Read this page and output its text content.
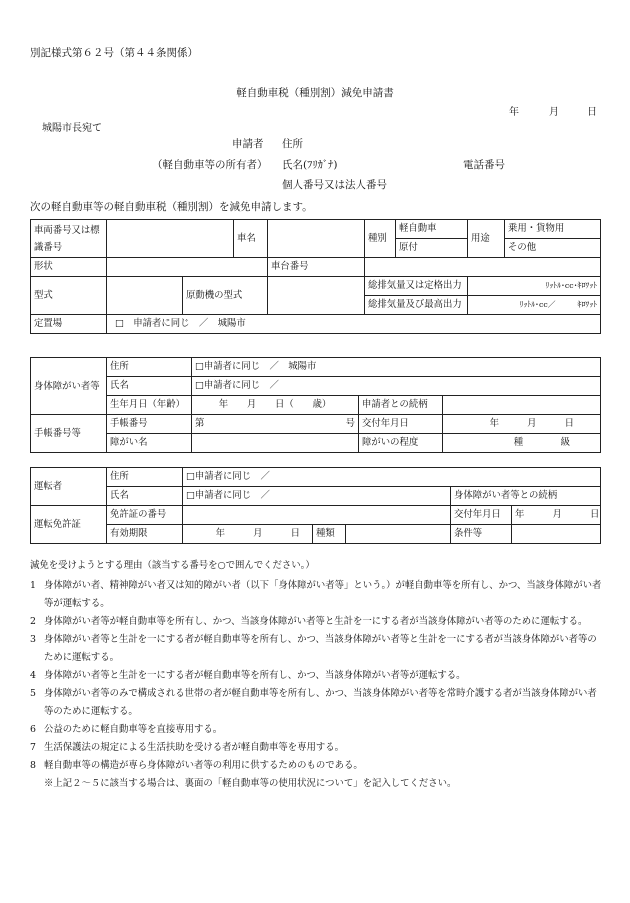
別記様式第６２号（第４４条関係）
軽自動車税（種別割）減免申請書
年	月	日
城陽市長宛て
申請者 住所
（軽自動車等の所有者） 氏名(ﾌﾘｶﾞﾅ)	電話番号
個人番号又は法人番号
次の軽自動車等の軽自動車税（種別割）を減免申請します。
車両番号又は標識番号			車名		種別	軽自動車	用途	乗用・貨物用
						原付		その他
形状				車台番号				
型式		原動機の型式			総排気量又は定格出力		ﾘｯﾄﾙ･cc･ｷﾛﾜｯﾄ	
					総排気量及び最高出力		ﾘｯﾄﾙ･cc／ ｷﾛﾜｯﾄ	
定置場	□　申請者に同じ　／　城陽市							
身体障がい者等	住所	□申請者に同じ　／　城陽市		
	氏名	□申請者に同じ　／		
	生年月日（年齢）	年　　月　　日（　　歳）	申請者との続柄	
手帳番号等	手帳番号	第 号	交付年月日	年　　　月　　　日
	障がい名		障がいの程度	種　　　　級
運転者	住所	□申請者に同じ　／					
	氏名	□申請者に同じ　／			身体障がい者等との続柄		
運転免許証	免許証の番号				交付年月日	年　　　月　　　日	
	有効期限	年　　　月　　　日	種類		条件等		
減免を受けようとする理由（該当する番号を○で囲んでください。）
1 身体障がい者、精神障がい者又は知的障がい者（以下「身体障がい者等」という。）が軽自動車等を所有し、かつ、当該身体障がい者等が運転する。
2 身体障がい者等が軽自動車等を所有し、かつ、当該身体障がい者等と生計を一にする者が当該身体障がい者等のために運転する。
3 身体障がい者等と生計を一にする者が軽自動車等を所有し、かつ、当該身体障がい者等と生計を一にする者が当該身体障がい者等のために運転する。
4 身体障がい者等と生計を一にする者が軽自動車等を所有し、かつ、当該身体障がい者等が運転する。
5 身体障がい者等のみで構成される世帯の者が軽自動車等を所有し、かつ、当該身体障がい者等を常時介護する者が当該身体障がい者等のために運転する。
6 公益のために軽自動車等を直接専用する。
7 生活保護法の規定による生活扶助を受ける者が軽自動車等を専用する。
8 軽自動車等の構造が専ら身体障がい者等の利用に供するためのものである。
※上記２～５に該当する場合は、裏面の「軽自動車等の使用状況について」を記入してください。
